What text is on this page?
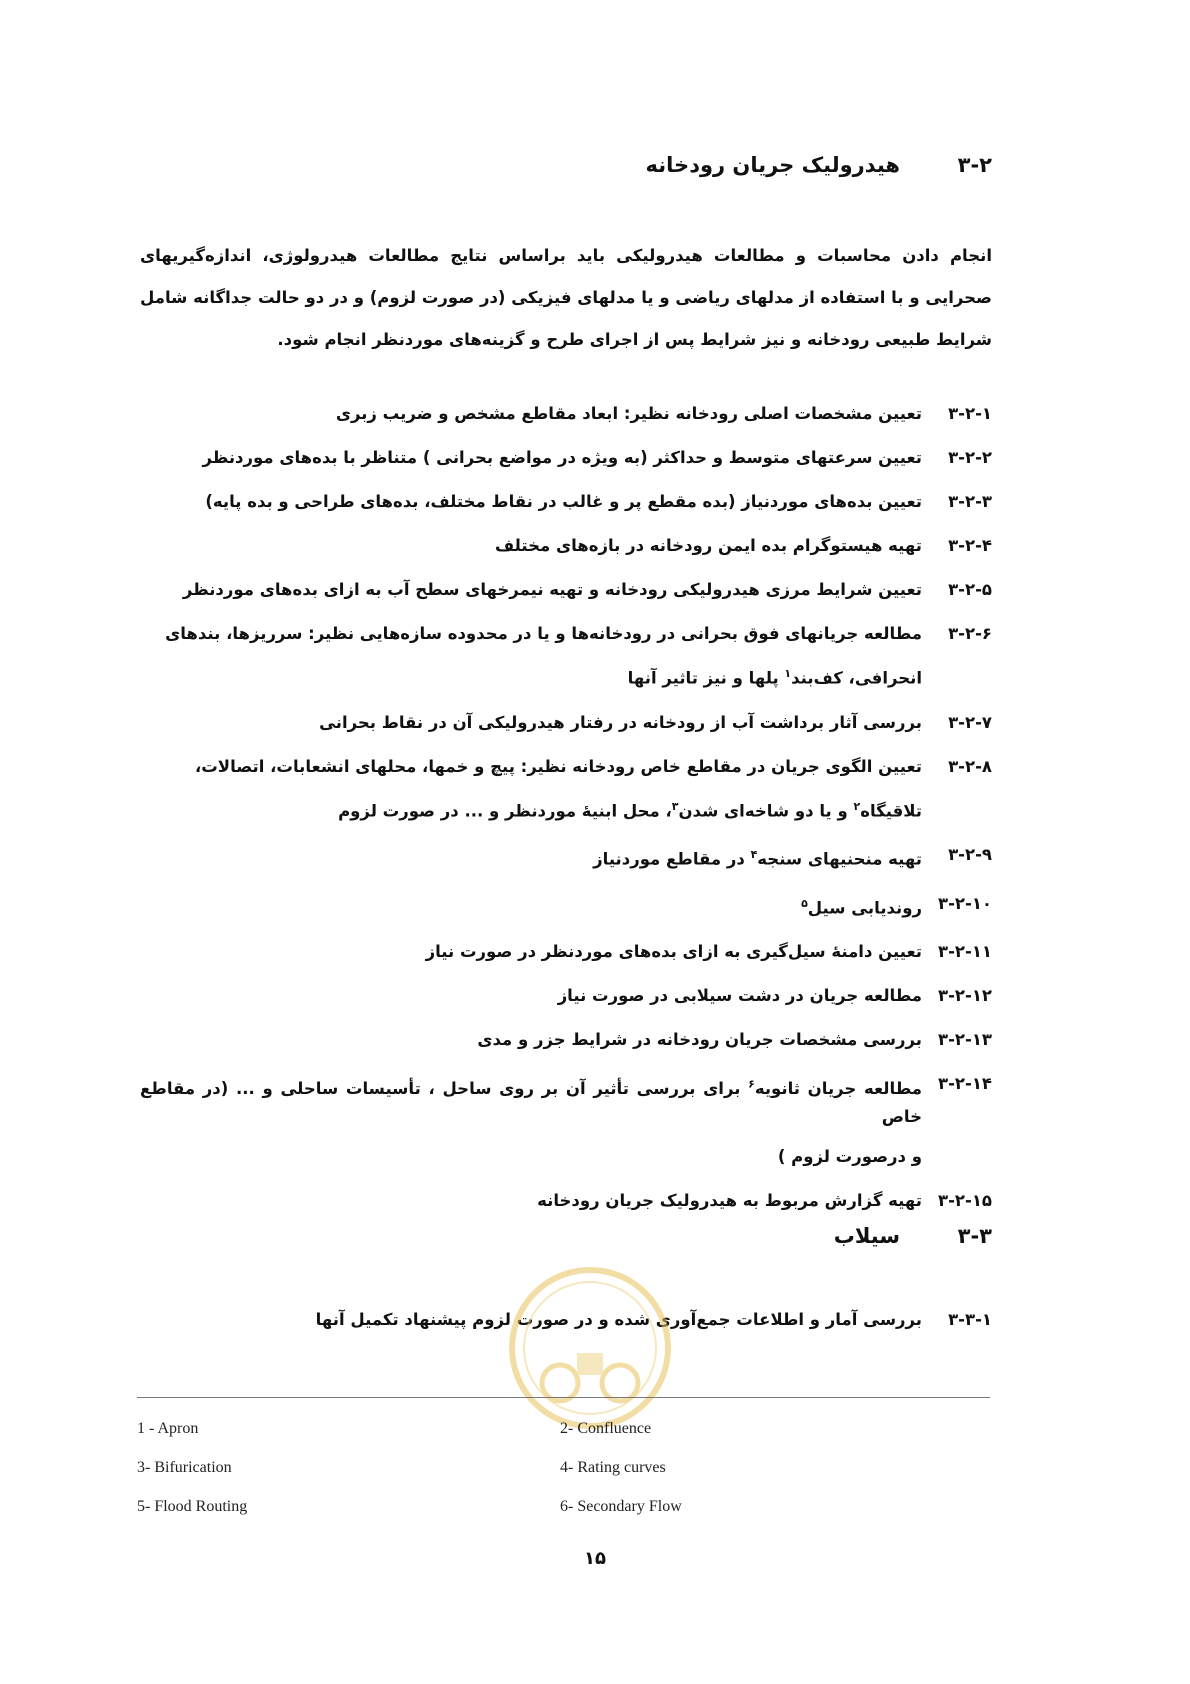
۳-۲
هیدرولیک جریان رودخانه
انجام دادن محاسبات و مطالعات هیدرولیکی باید براساس نتایج مطالعات هیدرولوژی، اندازه‌گیریهای صحرایی و با استفاده از مدلهای ریاضی و یا مدلهای فیزیکی (در صورت لزوم) و در دو حالت جداگانه شامل شرایط طبیعی رودخانه و نیز شرایط پس از اجرای طرح و گزینه‌های موردنظر انجام شود.
۳-۲-۱
تعیین مشخصات اصلی رودخانه نظیر: ابعاد مقاطع مشخص و ضریب زبری
۳-۲-۲
تعیین سرعتهای متوسط و حداکثر (به ویژه در مواضع بحرانی ) متناظر با بده‌های موردنظر
۳-۲-۳
تعیین بده‌های موردنیاز (بده مقطع پر و غالب در نقاط مختلف، بده‌های طراحی و بده پایه)
۳-۲-۴
تهیه هیستوگرام بده ایمن رودخانه در بازه‌های مختلف
۳-۲-۵
تعیین شرایط مرزی هیدرولیکی رودخانه و تهیه نیمرخهای سطح آب به ازای بده‌های موردنظر
۳-۲-۶
مطالعه جریانهای فوق بحرانی در رودخانه‌ها و یا در محدوده سازه‌هایی نظیر: سرریزها، بندهای
انحرافی، کف‌بند$^۱$ پلها و نیز تاثیر آنها
۳-۲-۷
بررسی آثار برداشت آب از رودخانه در رفتار هیدرولیکی آن در نقاط بحرانی
۳-۲-۸
تعیین الگوی جریان در مقاطع خاص رودخانه نظیر: پیچ و خمها، محلهای انشعابات، اتصالات،
تلاقیگاه$^۲$ و یا دو شاخه‌ای شدن$^۳$، محل ابنیهٔ موردنظر و ... در صورت لزوم
۳-۲-۹
تهیه منحنیهای سنجه$^۴$ در مقاطع موردنیاز
۳-۲-۱۰
روندیابی سیل$^۵$
۳-۲-۱۱
تعیین دامنهٔ سیل‌گیری به ازای بده‌های موردنظر در صورت نیاز
۳-۲-۱۲
مطالعه جریان در دشت سیلابی در صورت نیاز
۳-۲-۱۳
بررسی مشخصات جریان رودخانه در شرایط جزر و مدی
۳-۲-۱۴
مطالعه جریان ثانویه$^۶$ برای بررسی تأثیر آن بر روی ساحل ، تأسیسات ساحلی و ... (در مقاطع خاص
و درصورت لزوم )
۳-۲-۱۵
تهیه گزارش مربوط به هیدرولیک جریان رودخانه
۳-۳
سیلاب
۳-۳-۱
بررسی آمار و اطلاعات جمع‌آوری شده و در صورت لزوم پیشنهاد تکمیل آنها
1 - Apron	2- Confluence
3- Bifurication	4- Rating curves
5- Flood Routing	6- Secondary Flow
۱۵
